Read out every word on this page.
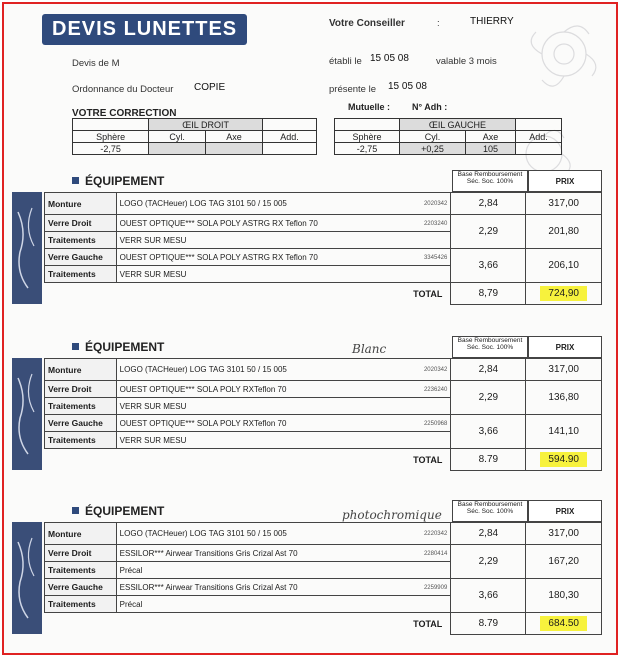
DEVIS LUNETTES	Votre Conseiller	:	THIERRY
Devis de M	établi le 15 05 08	valable 3 mois
Ordonnance du Docteur COPIE	présente le 15 05 08
VOTRE CORRECTION
Mutuelle : N° Adh :
	ŒIL DROIT		
Sphère	Cyl.	Axe	Add.
-2,75			
	ŒIL GAUCHE		
Sphère	Cyl.	Axe	Add.
-2,75	+0,25	105	
ÉQUIPEMENT	Base Remboursement Séc. Soc. 100%	PRIX
Monture	LOGO (TACHeuer) LOG TAG 3101 50 / 15 005 2020342	2,84	317,00
Verre Droit	OUEST OPTIQUE*** SOLA POLY ASTRG RX Teflon 70 2203240	2,29	201,80
Traitements	VERR SUR MESU		
Verre Gauche	OUEST OPTIQUE*** SOLA POLY ASTRG RX Teflon 70 3345426	3,66	206,10
Traitements	VERR SUR MESU		
	TOTAL	8,79	724,90
ÉQUIPEMENT	Base Remboursement Séc. Soc. 100%	PRIX
Monture	LOGO (TACHeuer) LOG TAG 3101 50 / 15 005 2020342	2,84	317,00
Verre Droit	OUEST OPTIQUE*** SOLA POLY RXTeflon 70 2236240	2,29	136,80
Traitements	VERR SUR MESU		
Verre Gauche	OUEST OPTIQUE*** SOLA POLY RXTeflon 70 2250968	3,66	141,10
Traitements	VERR SUR MESU		
	TOTAL	8.79	594.90
Blanc
ÉQUIPEMENT	Base Remboursement Séc. Soc. 100%	PRIX
Monture	LOGO (TACHeuer) LOG TAG 3101 50 / 15 005 2220342	2,84	317,00
Verre Droit	ESSILOR*** Airwear Transitions Gris Crizal Ast 70 2280414	2,29	167,20
Traitements	Précal		
Verre Gauche	ESSILOR*** Airwear Transitions Gris Crizal Ast 70 2259909	3,66	180,30
Traitements	Précal		
	TOTAL	8.79	684.50
photochromique
